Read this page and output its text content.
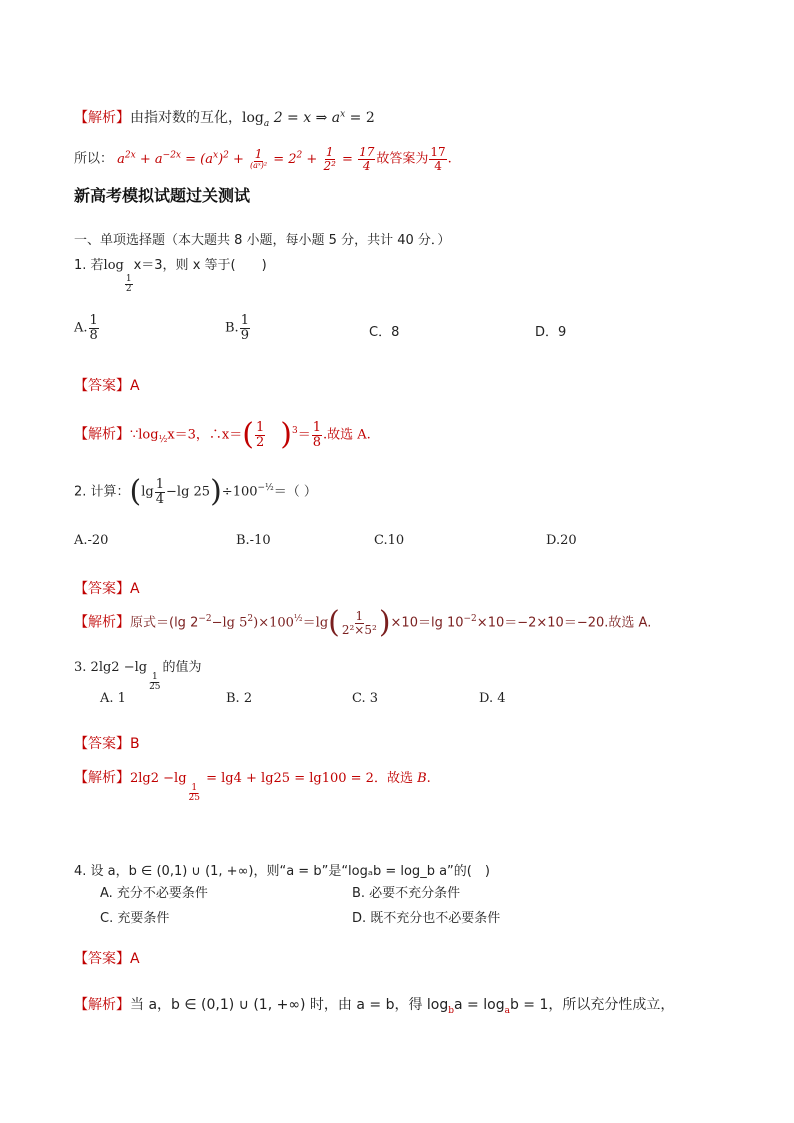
【解析】由指对数的互化，$\log_a 2 = x$ ⇒ $a^x = 2$
所以： $a^{2x} + a^{-2x} = (a^x)^2 + \frac{1}{\text{(aˣ)²}} = 2^2 + \frac{1}{\text{2²}} = \frac{17}{4}$ 故答案为 $\frac{17}{4}$ .
新高考模拟试题过关测试
一、单项选择题（本大题共 8 小题，每小题 5 分，共计 40 分．）
1. 若log
$\frac{1}{2}$
x＝3，则 x 等于(　　)
A. $\frac{1}{8}$	B. $\frac{1}{9}$	C．8	D．9
【答案】A
【解析】$\because\log_{\frac{1}{2}}x=3$，∴x＝( $\frac{1}{2} )^3= \frac{1}{8}$ .故选 A.
2. 计算：($\lg \frac{1}{4} -\lg$ $25)\div 100^{-\frac{1}{2}}=$（ ）
A.-20	B.-10	C.10	D.20
【答案】A
【解析】原式＝(lg $2^{-2}-\lg$ $5^2)\times 100^{\frac{1}{2}}=\lg( \frac{1}{\text{2²×5²}} )\times 10=\lg$ $10^{-2}\times 10=-2\times 10=-20$.故选 A.
3. 2lg2 −lg
$\frac{1}{25}$
的值为
A. 1	B. 2	C. 3	D. 4
【答案】B
【解析】2lg2 −lg
$\frac{1}{25}$
= lg4 + lg25 = lg100 = 2．故选 B.
4. 设 a，b ∈ (0,1) ∪ (1, +∞)，则“a = b”是“logₐb = log_b a”的(　)
A. 充分不必要条件	B. 必要不充分条件
C. 充要条件	D. 既不充分也不必要条件
【答案】A
【解析】当 a，b ∈ (0,1) ∪ (1, +∞) 时，由 a = b，得 $\log_ba = \log_ab = 1$，所以充分性成立，
